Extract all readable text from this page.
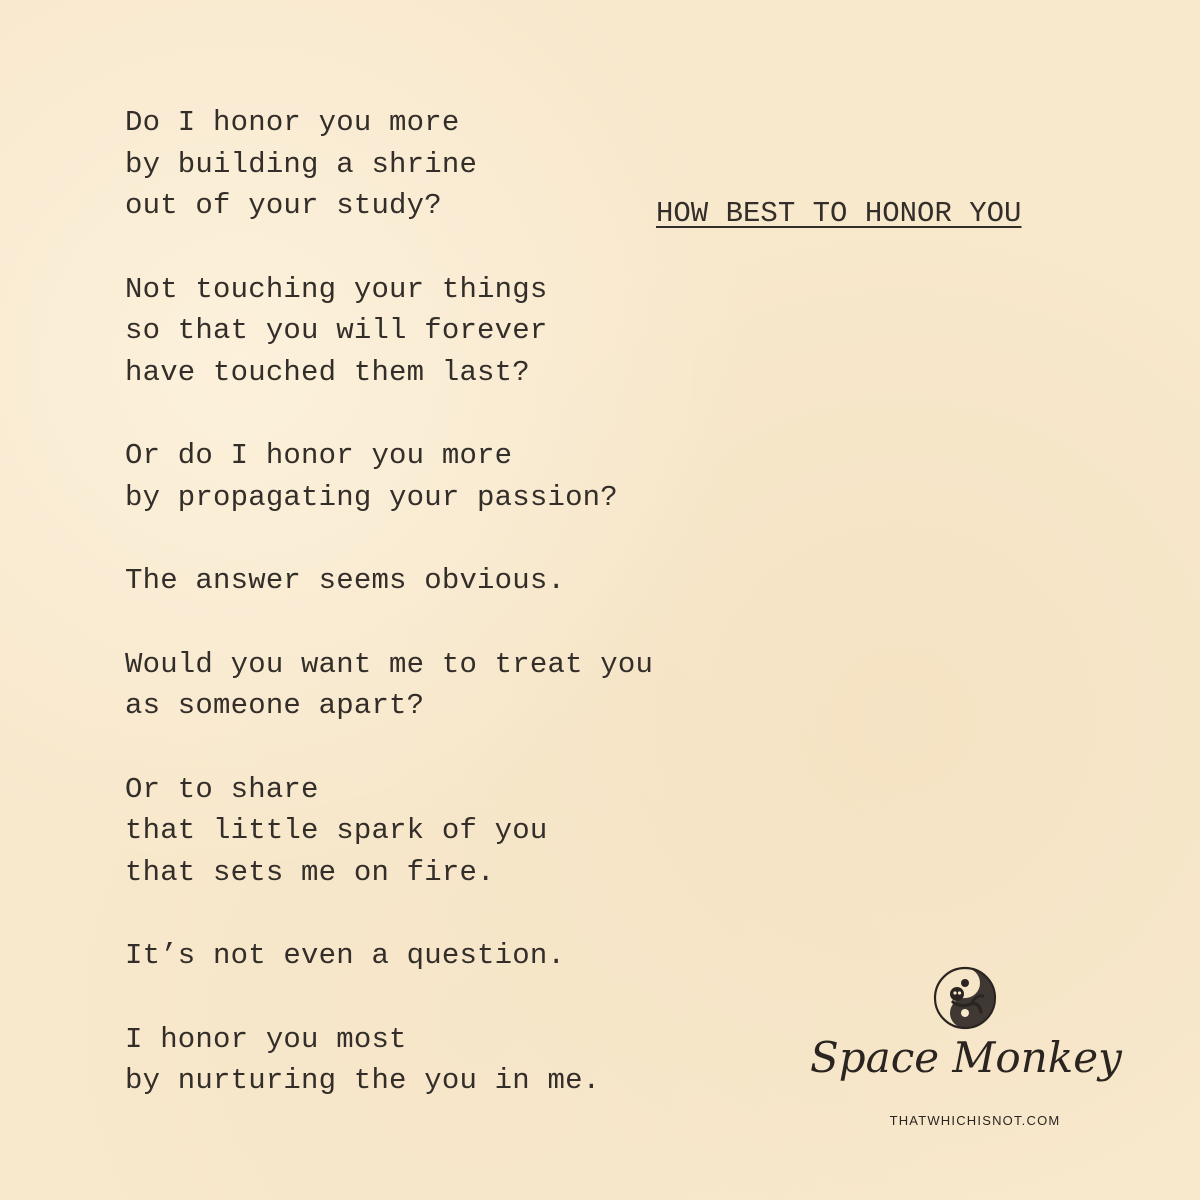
Do I honor you more
by building a shrine
out of your study?
Not touching your things
so that you will forever
have touched them last?
Or do I honor you more
by propagating your passion?
The answer seems obvious.
Would you want me to treat you
as someone apart?
Or to share
that little spark of you
that sets me on fire.
It’s not even a question.
I honor you most
by nurturing the you in me.
HOW BEST TO HONOR YOU
Space Monkey
THATWHICHISNOT.COM
